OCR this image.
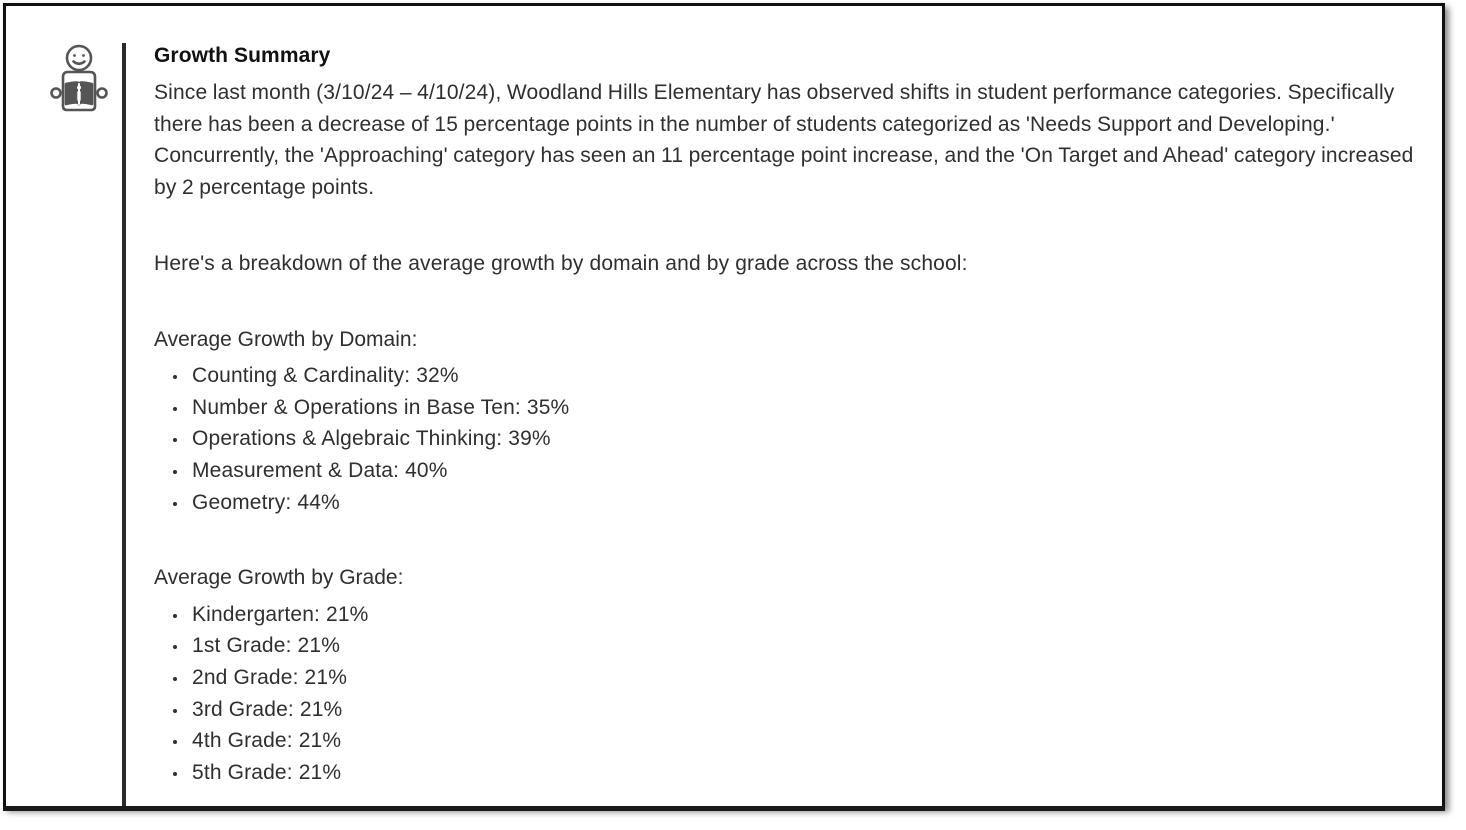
Growth Summary

Since last month (3/10/24 – 4/10/24), Woodland Hills Elementary has observed shifts in student performance categories. Specifically there has been a decrease of 15 percentage points in the number of students categorized as 'Needs Support and Developing.' Concurrently, the 'Approaching' category has seen an 11 percentage point increase, and the 'On Target and Ahead' category increased by 2 percentage points.

Here's a breakdown of the average growth by domain and by grade across the school:

Average Growth by Domain:
Counting & Cardinality: 32%
Number & Operations in Base Ten: 35%
Operations & Algebraic Thinking: 39%
Measurement & Data: 40%
Geometry: 44%
Average Growth by Grade:
Kindergarten: 21%
1st Grade: 21%
2nd Grade: 21%
3rd Grade: 21%
4th Grade: 21%
5th Grade: 21%
